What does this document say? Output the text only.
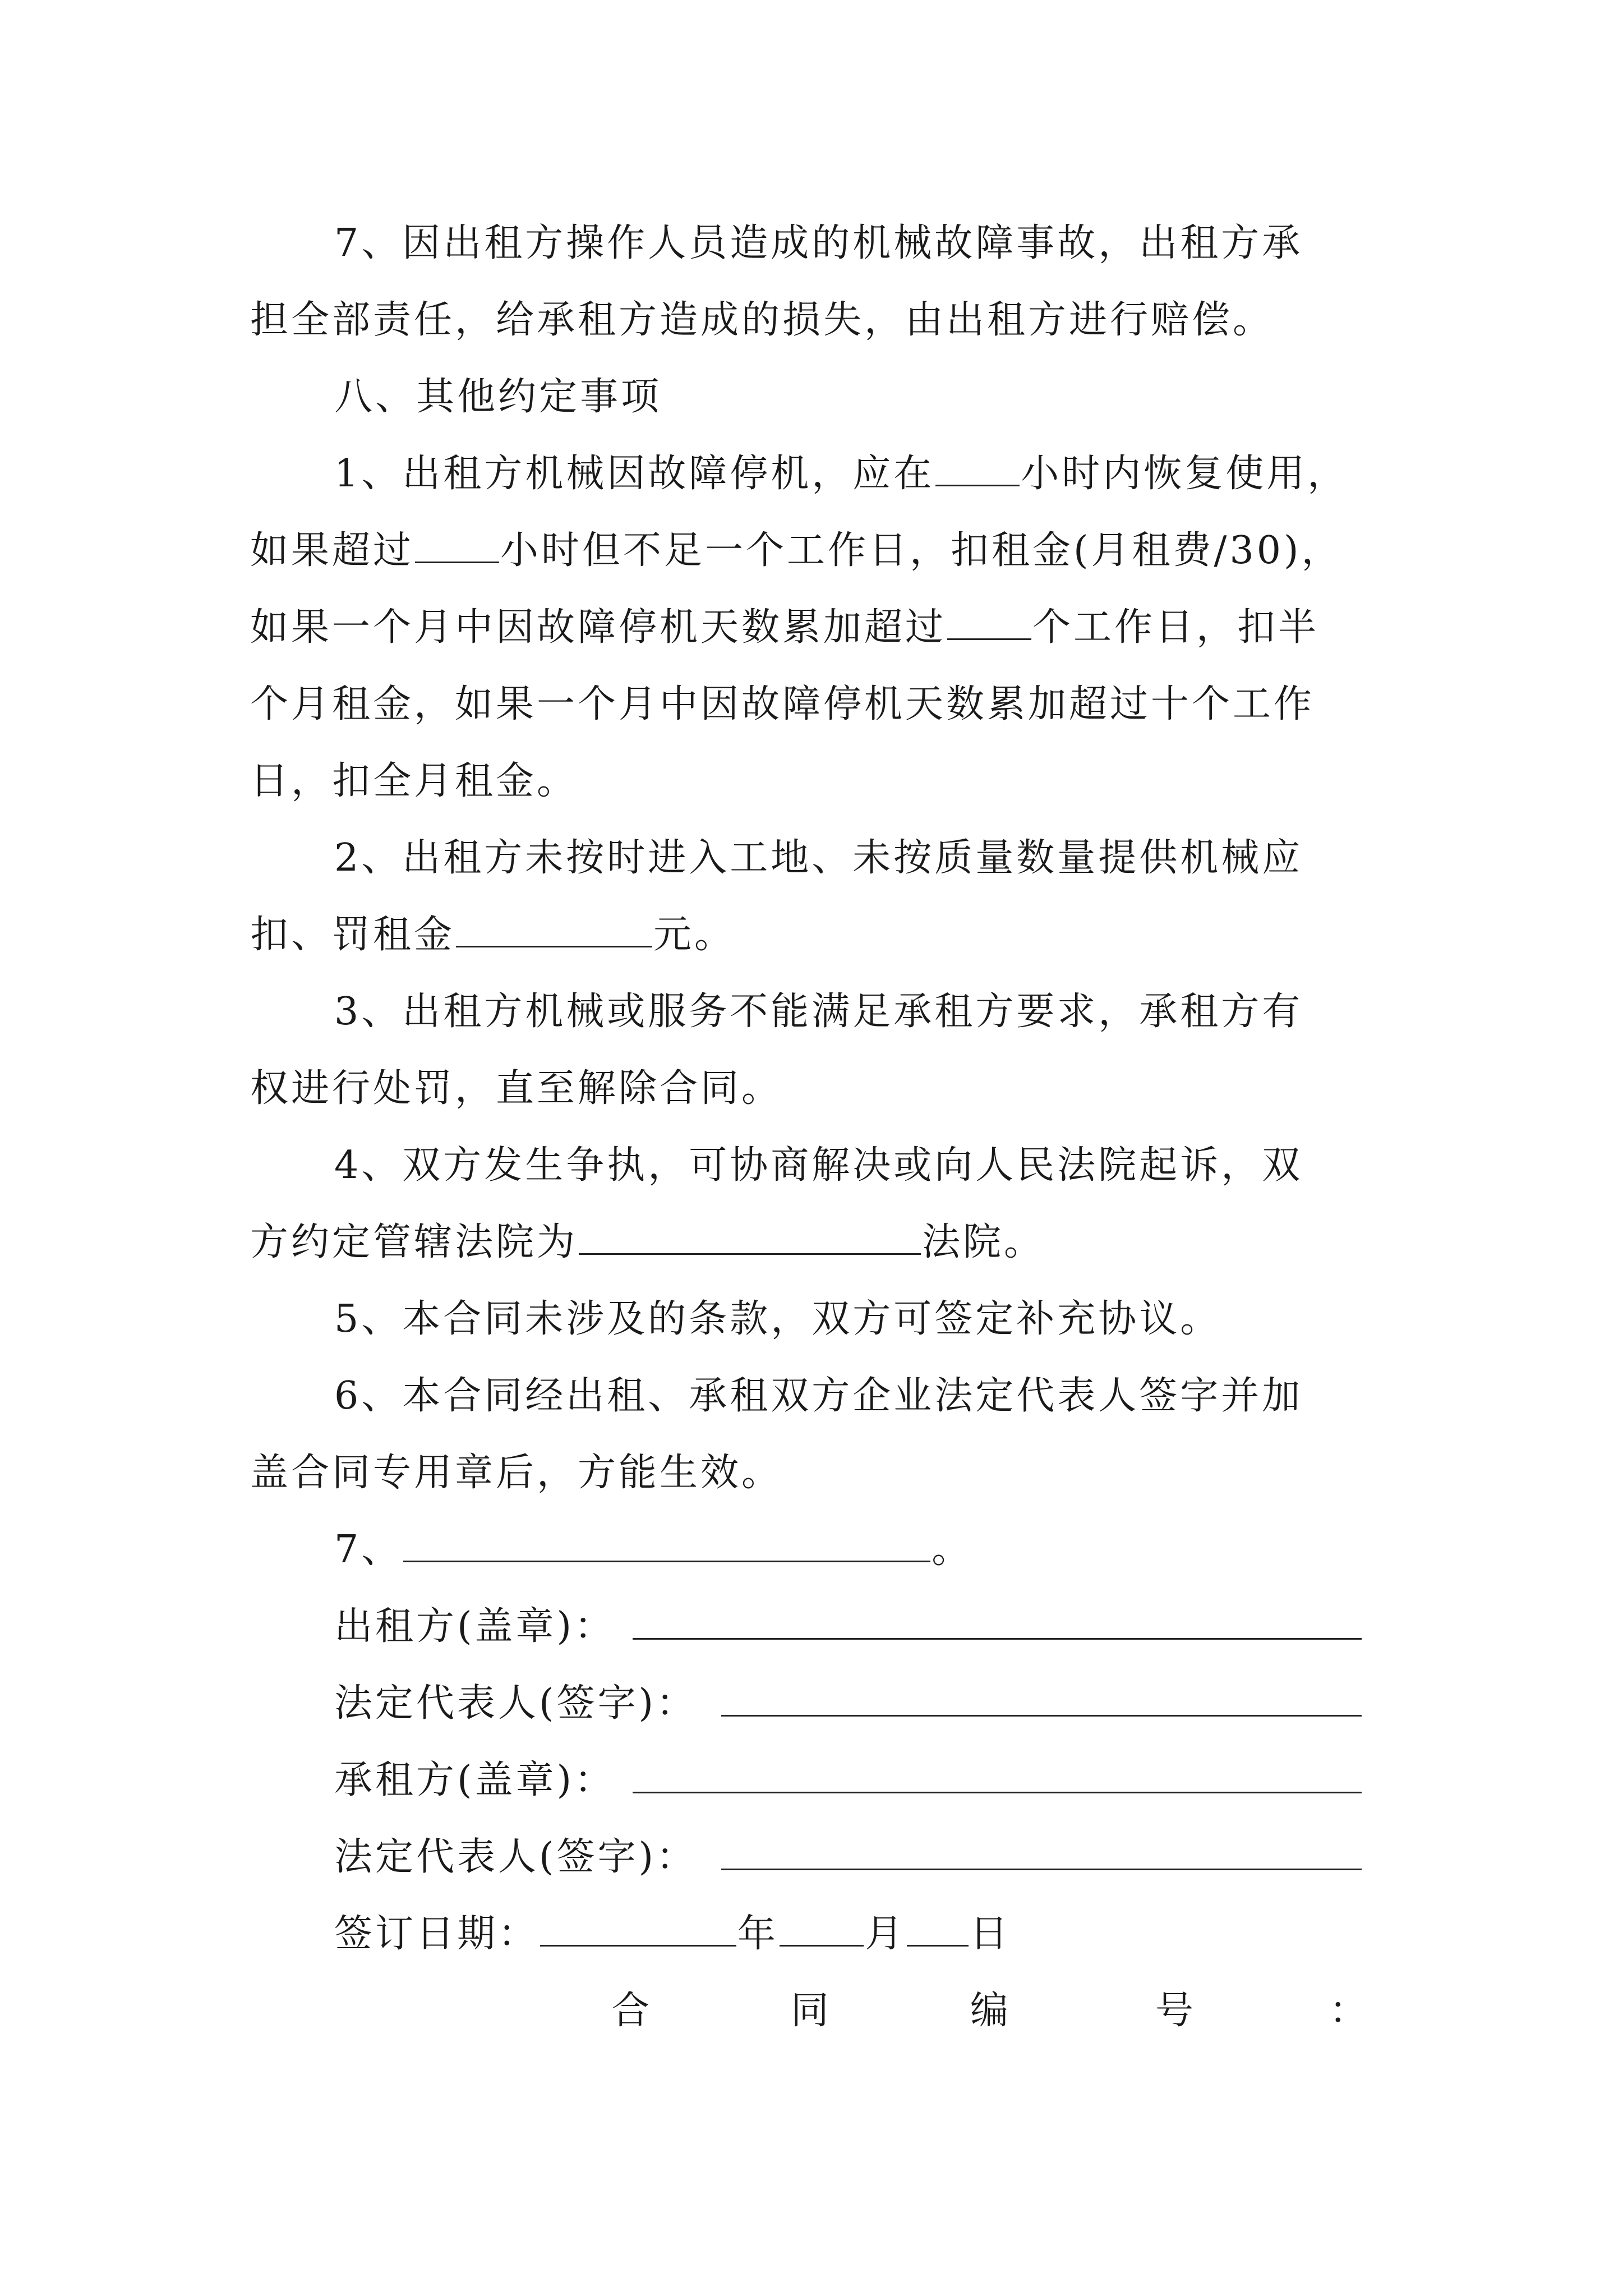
7、因出租方操作人员造成的机械故障事故，出租方承
担全部责任，给承租方造成的损失，由出租方进行赔偿。
八、其他约定事项
1、出租方机械因故障停机，应在 小时内恢复使用，
如果超过 小时但不足一个工作日，扣租金(月租费/30)，
如果一个月中因故障停机天数累加超过 个工作日，扣半
个月租金，如果一个月中因故障停机天数累加超过十个工作
日，扣全月租金。
2、出租方未按时进入工地、未按质量数量提供机械应
扣、罚租金	元。
3、出租方机械或服务不能满足承租方要求，承租方有
权进行处罚，直至解除合同。
4、双方发生争执，可协商解决或向人民法院起诉，双
方约定管辖法院为	法院。
5、本合同未涉及的条款，双方可签定补充协议。
6、本合同经出租、承租双方企业法定代表人签字并加
盖合同专用章后，方能生效。
7、	。
出租方(盖章)：
法定代表人(签字)：
承租方(盖章)：
法定代表人(签字)：
签订日期：	年 月 日
合	同	编	号	：
